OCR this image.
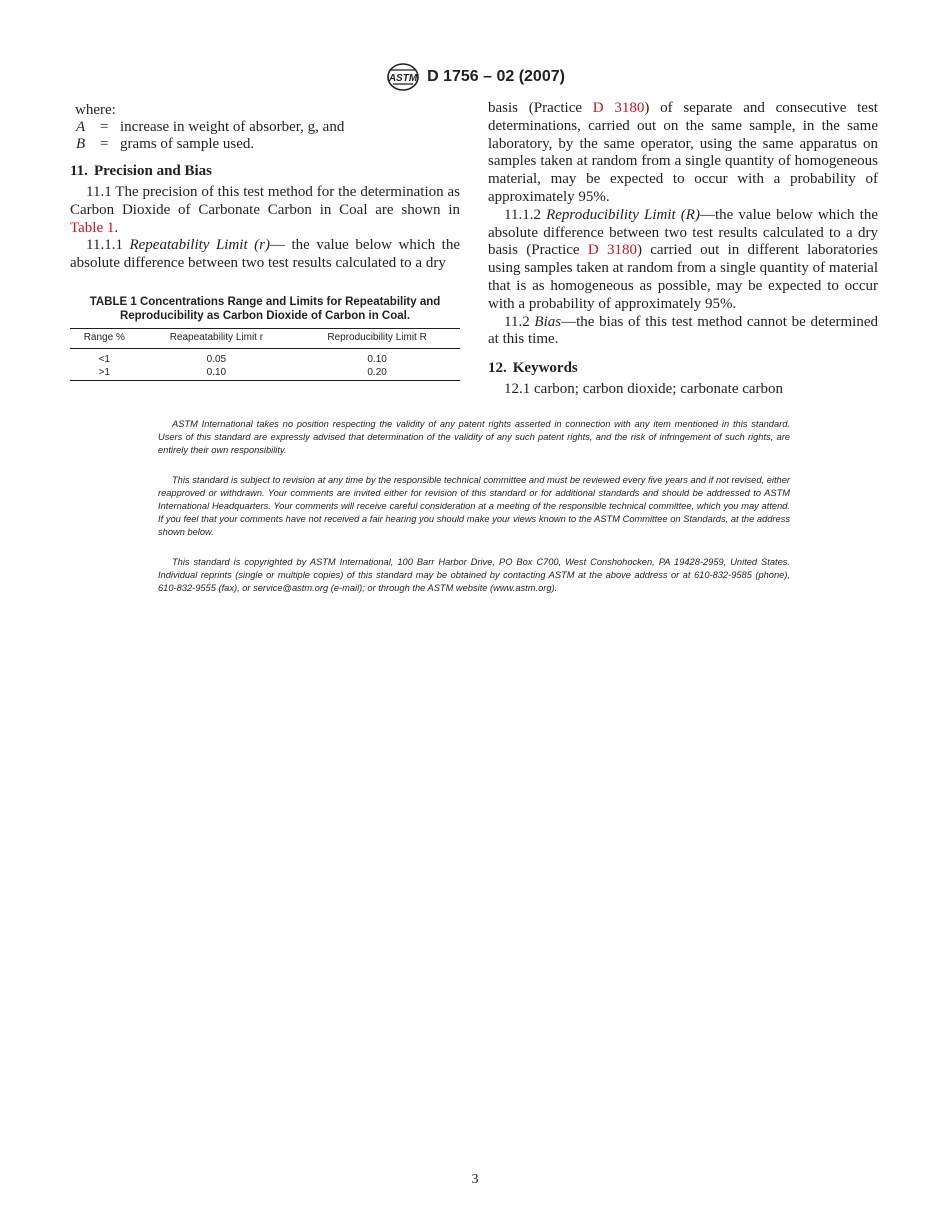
ASTM D 1756 – 02 (2007)
where:
A = increase in weight of absorber, g, and
B = grams of sample used.
11. Precision and Bias

11.1 The precision of this test method for the determination as Carbon Dioxide of Carbonate Carbon in Coal are shown in Table 1.

11.1.1 Repeatability Limit (r)— the value below which the absolute difference between two test results calculated to a dry

TABLE 1 Concentrations Range and Limits for Repeatability and
Reproducibility as Carbon Dioxide of Carbon in Coal.
Range %	Reapeatability Limit r	Reproducibility Limit R
<1	0.05	0.10
>1	0.10	0.20

basis (Practice D 3180) of separate and consecutive test determinations, carried out on the same sample, in the same laboratory, by the same operator, using the same apparatus on samples taken at random from a single quantity of homogeneous material, may be expected to occur with a probability of approximately 95%.

11.1.2 Reproducibility Limit (R)—the value below which the absolute difference between two test results calculated to a dry basis (Practice D 3180) carried out in different laboratories using samples taken at random from a single quantity of material that is as homogeneous as possible, may be expected to occur with a probability of approximately 95%.

11.2 Bias—the bias of this test method cannot be determined at this time.

12. Keywords

12.1 carbon; carbon dioxide; carbonate carbon

ASTM International takes no position respecting the validity of any patent rights asserted in connection with any item mentioned in this standard. Users of this standard are expressly advised that determination of the validity of any such patent rights, and the risk of infringement of such rights, are entirely their own responsibility.

This standard is subject to revision at any time by the responsible technical committee and must be reviewed every five years and if not revised, either reapproved or withdrawn. Your comments are invited either for revision of this standard or for additional standards and should be addressed to ASTM International Headquarters. Your comments will receive careful consideration at a meeting of the responsible technical committee, which you may attend. If you feel that your comments have not received a fair hearing you should make your views known to the ASTM Committee on Standards, at the address shown below.

This standard is copyrighted by ASTM International, 100 Barr Harbor Drive, PO Box C700, West Conshohocken, PA 19428-2959, United States. Individual reprints (single or multiple copies) of this standard may be obtained by contacting ASTM at the above address or at 610-832-9585 (phone), 610-832-9555 (fax), or service@astm.org (e-mail); or through the ASTM website (www.astm.org).

3
